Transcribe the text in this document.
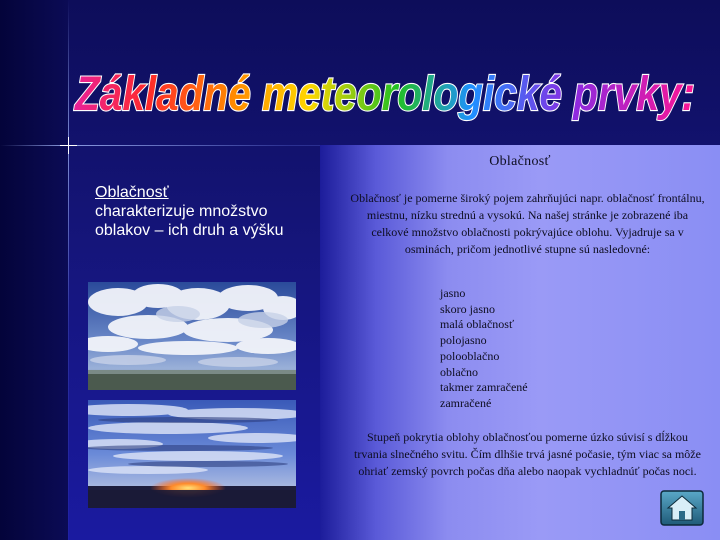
Základné meteorologické prvky:
Oblačnosť
charakterizuje množstvo oblakov – ich druh a výšku
Oblačnosť
Oblačnosť je pomerne široký pojem zahrňujúci napr. oblačnosť frontálnu, miestnu, nízku strednú a vysokú. Na našej stránke je zobrazené iba celkové množstvo oblačnosti pokrývajúce oblohu. Vyjadruje sa v osminách, pričom jednotlivé stupne sú nasledovné:
jasno
skoro jasno
malá oblačnosť
polojasno
polooblačno
oblačno
takmer zamračené
zamračené
Stupeň pokrytia oblohy oblačnosťou pomerne úzko súvisí s dĺžkou trvania slnečného svitu. Čím dlhšie trvá jasné počasie, tým viac sa môže ohriať zemský povrch počas dňa alebo naopak vychladnúť počas noci.
